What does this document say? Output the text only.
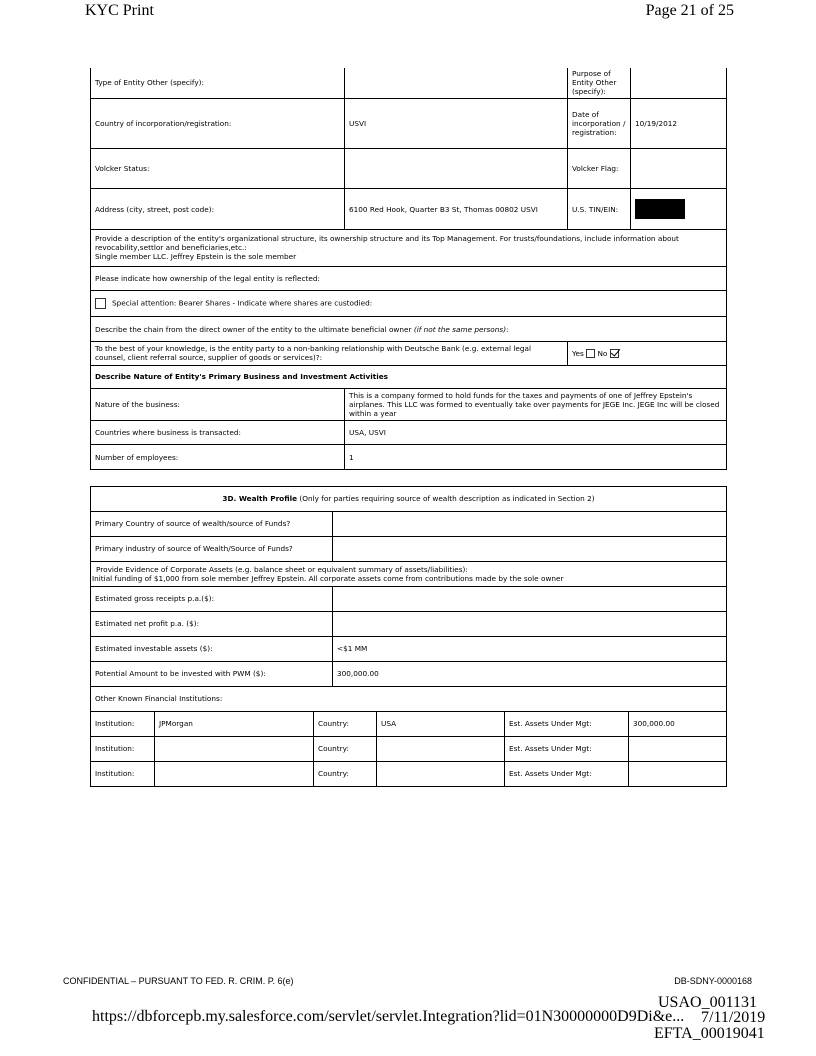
KYC Print	Page 21 of 25
Type of Entity Other (specify):		Purpose of Entity Other (specify):	
Country of incorporation/registration:	USVI	Date of incorporation / registration:	10/19/2012
Volcker Status:		Volcker Flag:	
Address (city, street, post code):	6100 Red Hook, Quarter B3 St, Thomas 00802 USVI	U.S. TIN/EIN:	

Provide a description of the entity's organizational structure, its ownership structure and its Top Management. For trusts/foundations, include information about revocability,settlor and beneficiaries,etc.:
Single member LLC. Jeffrey Epstein is the sole member			

Please indicate how ownership of the legal entity is reflected:			
Special attention: Bearer Shares - Indicate where shares are custodied:			
Describe the chain from the direct owner of the entity to the ultimate beneficial owner (if not the same persons):			
To the best of your knowledge, is the entity party to a non-banking relationship with Deutsche Bank (e.g. external legal counsel, client referral source, supplier of goods or services)?:		Yes No	
Describe Nature of Entity's Primary Business and Investment Activities			
Nature of the business:	This is a company formed to hold funds for the taxes and payments of one of Jeffrey Epstein's airplanes. This LLC was formed to eventually take over payments for JEGE Inc. JEGE Inc will be closed within a year		
Countries where business is transacted:	USA, USVI		
Number of employees:	1		
3D. Wealth Profile (Only for parties requiring source of wealth description as indicated in Section 2)						
Primary Country of source of wealth/source of Funds?						
Primary industry of source of Wealth/Source of Funds?						

Provide Evidence of Corporate Assets (e.g. balance sheet or equivalent summary of assets/liabilities):
Initial funding of $1,000 from sole member Jeffrey Epstein. All corporate assets come from contributions made by the sole owner						

Estimated gross receipts p.a.($):						
Estimated net profit p.a. ($):						
Estimated investable assets ($):			<$1 MM			
Potential Amount to be invested with PWM ($):			300,000.00			
Other Known Financial Institutions:						
Institution:	JPMorgan	Country:		USA	Est. Assets Under Mgt:	300,000.00
Institution:		Country:			Est. Assets Under Mgt:	
Institution:		Country:			Est. Assets Under Mgt:	
CONFIDENTIAL – PURSUANT TO FED. R. CRIM. P. 6(e)	DB-SDNY-0000168
USAO_001131
https://dbforcepb.my.salesforce.com/servlet/servlet.Integration?lid=01N30000000D9Di&e... 7/11/2019
EFTA_00019041
